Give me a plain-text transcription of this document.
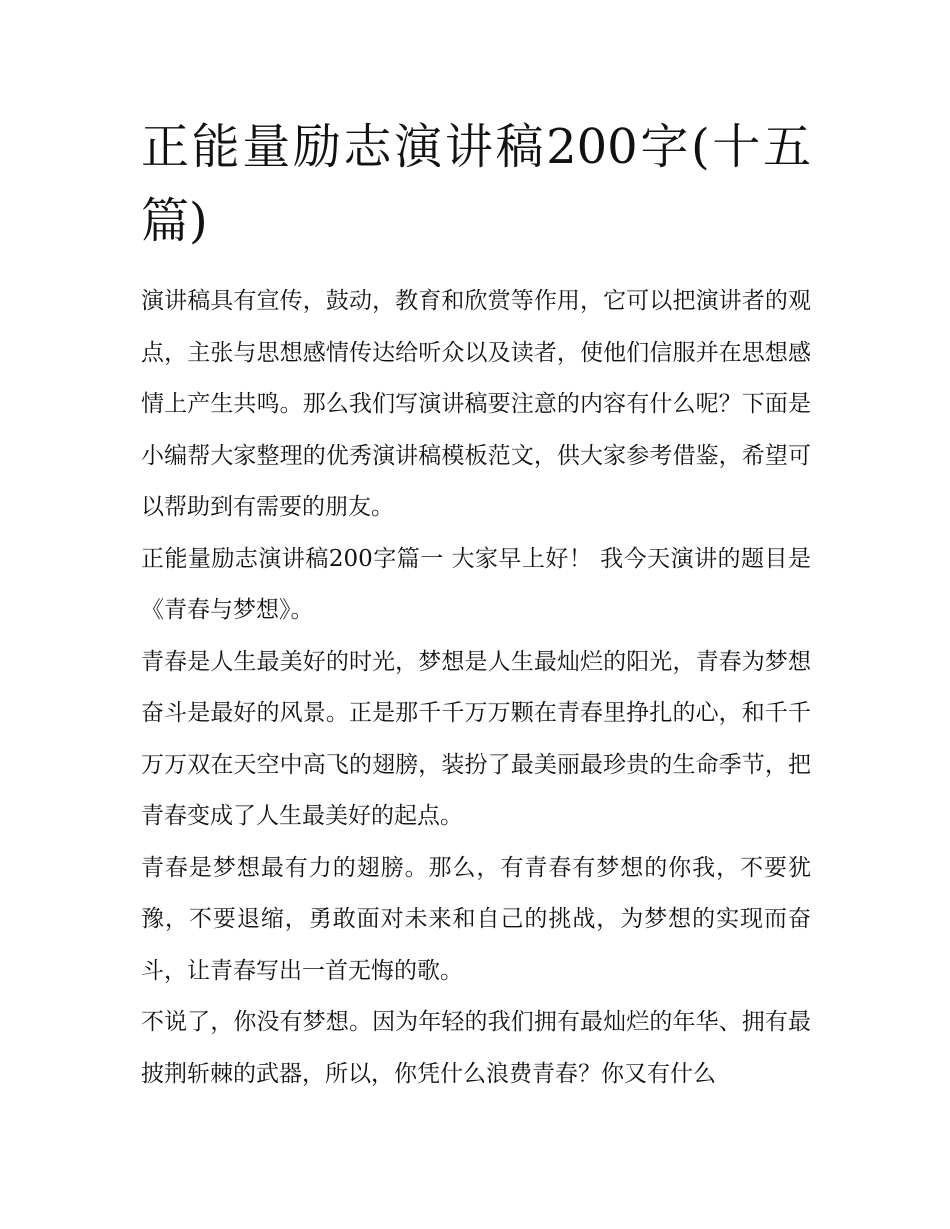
正能量励志演讲稿200字(十五篇)

演讲稿具有宣传，鼓动，教育和欣赏等作用，它可以把演讲者的观点，主张与思想感情传达给听众以及读者，使他们信服并在思想感情上产生共鸣。那么我们写演讲稿要注意的内容有什么呢？下面是小编帮大家整理的优秀演讲稿模板范文，供大家参考借鉴，希望可以帮助到有需要的朋友。

正能量励志演讲稿200字篇一 大家早上好！ 我今天演讲的题目是《青春与梦想》。

青春是人生最美好的时光，梦想是人生最灿烂的阳光，青春为梦想奋斗是最好的风景。正是那千千万万颗在青春里挣扎的心，和千千万万双在天空中高飞的翅膀，装扮了最美丽最珍贵的生命季节，把青春变成了人生最美好的起点。

青春是梦想最有力的翅膀。那么，有青春有梦想的你我，不要犹豫，不要退缩，勇敢面对未来和自己的挑战，为梦想的实现而奋斗，让青春写出一首无悔的歌。

不说了，你没有梦想。因为年轻的我们拥有最灿烂的年华、拥有最披荆斩棘的武器，所以，你凭什么浪费青春？你又有什么
